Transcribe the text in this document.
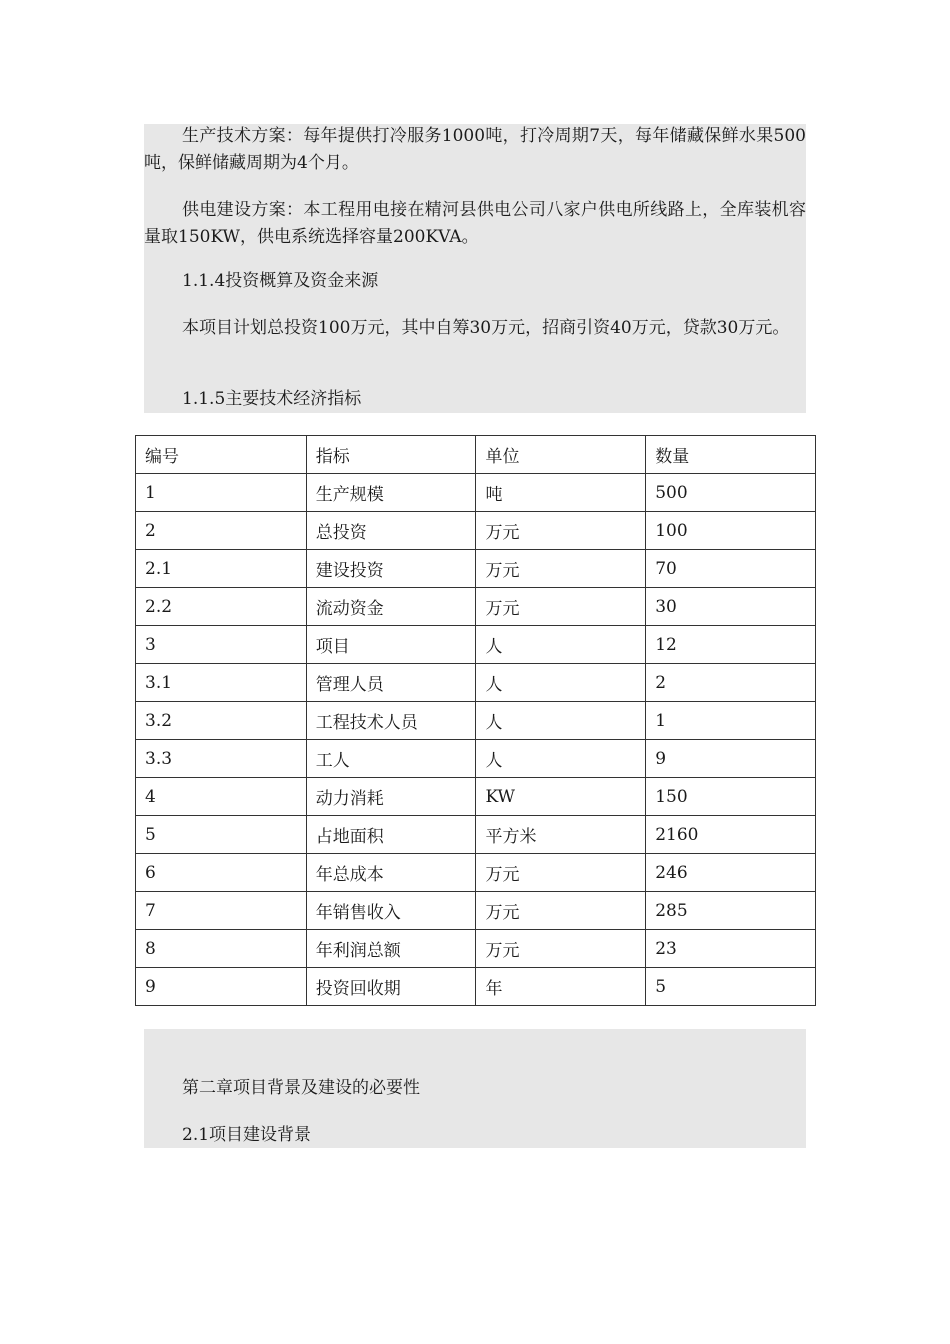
生产技术方案：每年提供打冷服务1000吨，打冷周期7天，每年储藏保鲜水果500吨，保鲜储藏周期为4个月。

供电建设方案：本工程用电接在精河县供电公司八家户供电所线路上，全库装机容量取150KW，供电系统选择容量200KVA。

1.1.4投资概算及资金来源

本项目计划总投资100万元，其中自筹30万元，招商引资40万元，贷款30万元。

1.1.5主要技术经济指标

编号	指标	单位	数量
1	生产规模	吨	500
2	总投资	万元	100
2.1	建设投资	万元	70
2.2	流动资金	万元	30
3	项目	人	12
3.1	管理人员	人	2
3.2	工程技术人员	人	1
3.3	工人	人	9
4	动力消耗	KW	150
5	占地面积	平方米	2160
6	年总成本	万元	246
7	年销售收入	万元	285
8	年利润总额	万元	23
9	投资回收期	年	5

第二章项目背景及建设的必要性

2.1项目建设背景
